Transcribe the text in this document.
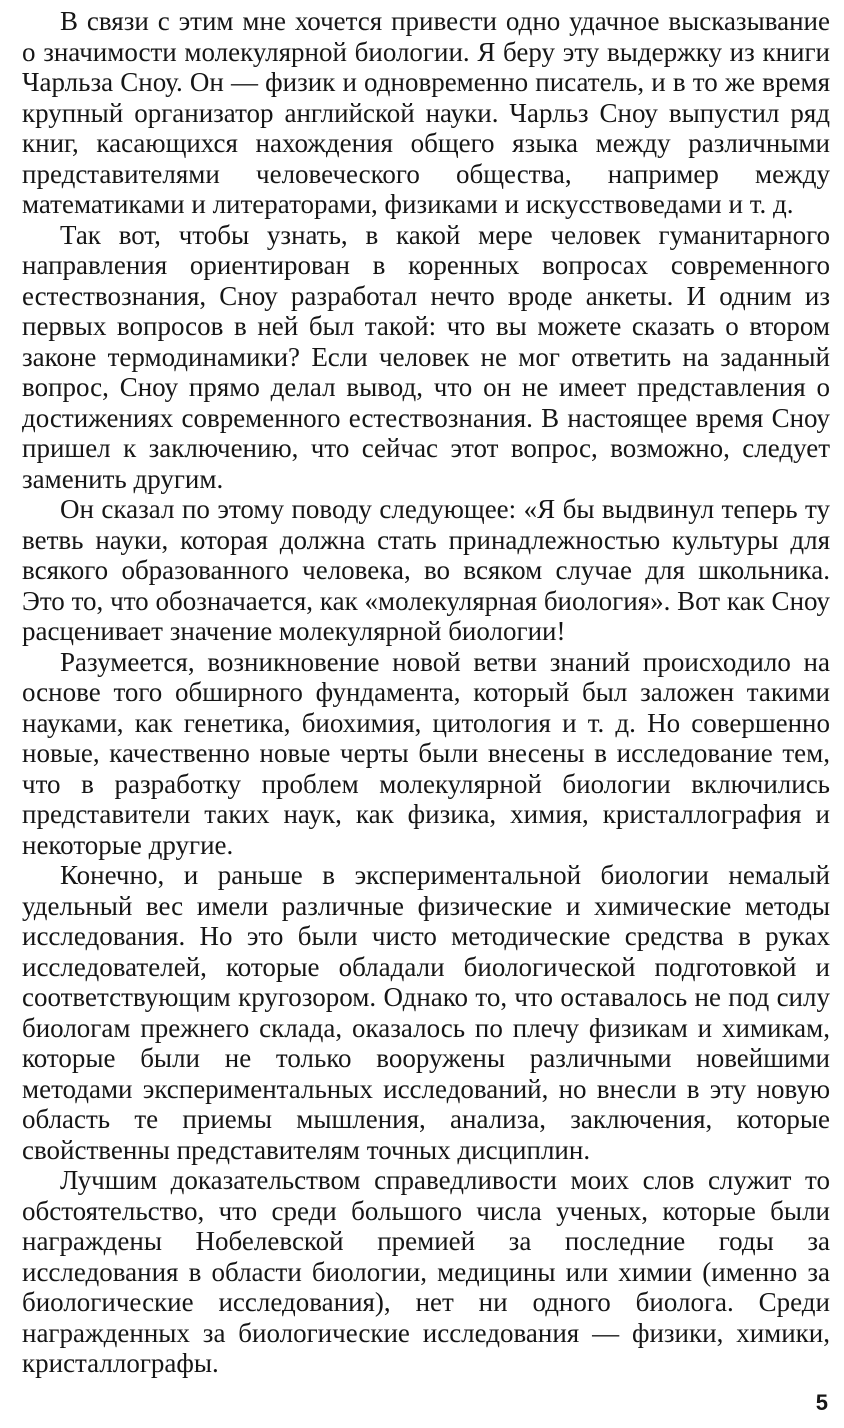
В связи с этим мне хочется привести одно удачное высказывание о значимости молекулярной биологии. Я беру эту выдержку из книги Чарльза Сноу. Он — физик и одновременно писатель, и в то же время крупный организатор английской науки. Чарльз Сноу выпустил ряд книг, касающихся нахождения общего языка между различными представителями человеческого общества, например между математиками и литераторами, физиками и искусствоведами и т. д.

Так вот, чтобы узнать, в какой мере человек гуманитарного направления ориентирован в коренных вопросах современного естествознания, Сноу разработал нечто вроде анкеты. И одним из первых вопросов в ней был такой: что вы можете сказать о втором законе термодинамики? Если человек не мог ответить на заданный вопрос, Сноу прямо делал вывод, что он не имеет представления о достижениях современного естествознания. В настоящее время Сноу пришел к заключению, что сейчас этот вопрос, возможно, следует заменить другим.

Он сказал по этому поводу следующее: «Я бы выдвинул теперь ту ветвь науки, которая должна стать принадлежностью культуры для всякого образованного человека, во всяком случае для школьника. Это то, что обозначается, как «молекулярная биология». Вот как Сноу расценивает значение молекулярной биологии!

Разумеется, возникновение новой ветви знаний происходило на основе того обширного фундамента, который был заложен такими науками, как генетика, биохимия, цитология и т. д. Но совершенно новые, качественно новые черты были внесены в исследование тем, что в разработку проблем молекулярной биологии включились представители таких наук, как физика, химия, кристаллография и некоторые другие.

Конечно, и раньше в экспериментальной биологии немалый удельный вес имели различные физические и химические методы исследования. Но это были чисто методические средства в руках исследователей, которые обладали биологической подготовкой и соответствующим кругозором. Однако то, что оставалось не под силу биологам прежнего склада, оказалось по плечу физикам и химикам, которые были не только вооружены различными новейшими методами экспериментальных исследований, но внесли в эту новую область те приемы мышления, анализа, заключения, которые свойственны представителям точных дисциплин.

Лучшим доказательством справедливости моих слов служит то обстоятельство, что среди большого числа ученых, которые были награждены Нобелевской премией за последние годы за исследования в области биологии, медицины или химии (именно за биологические исследования), нет ни одного биолога. Среди награжденных за биологические исследования — физики, химики, кристаллографы.

5
